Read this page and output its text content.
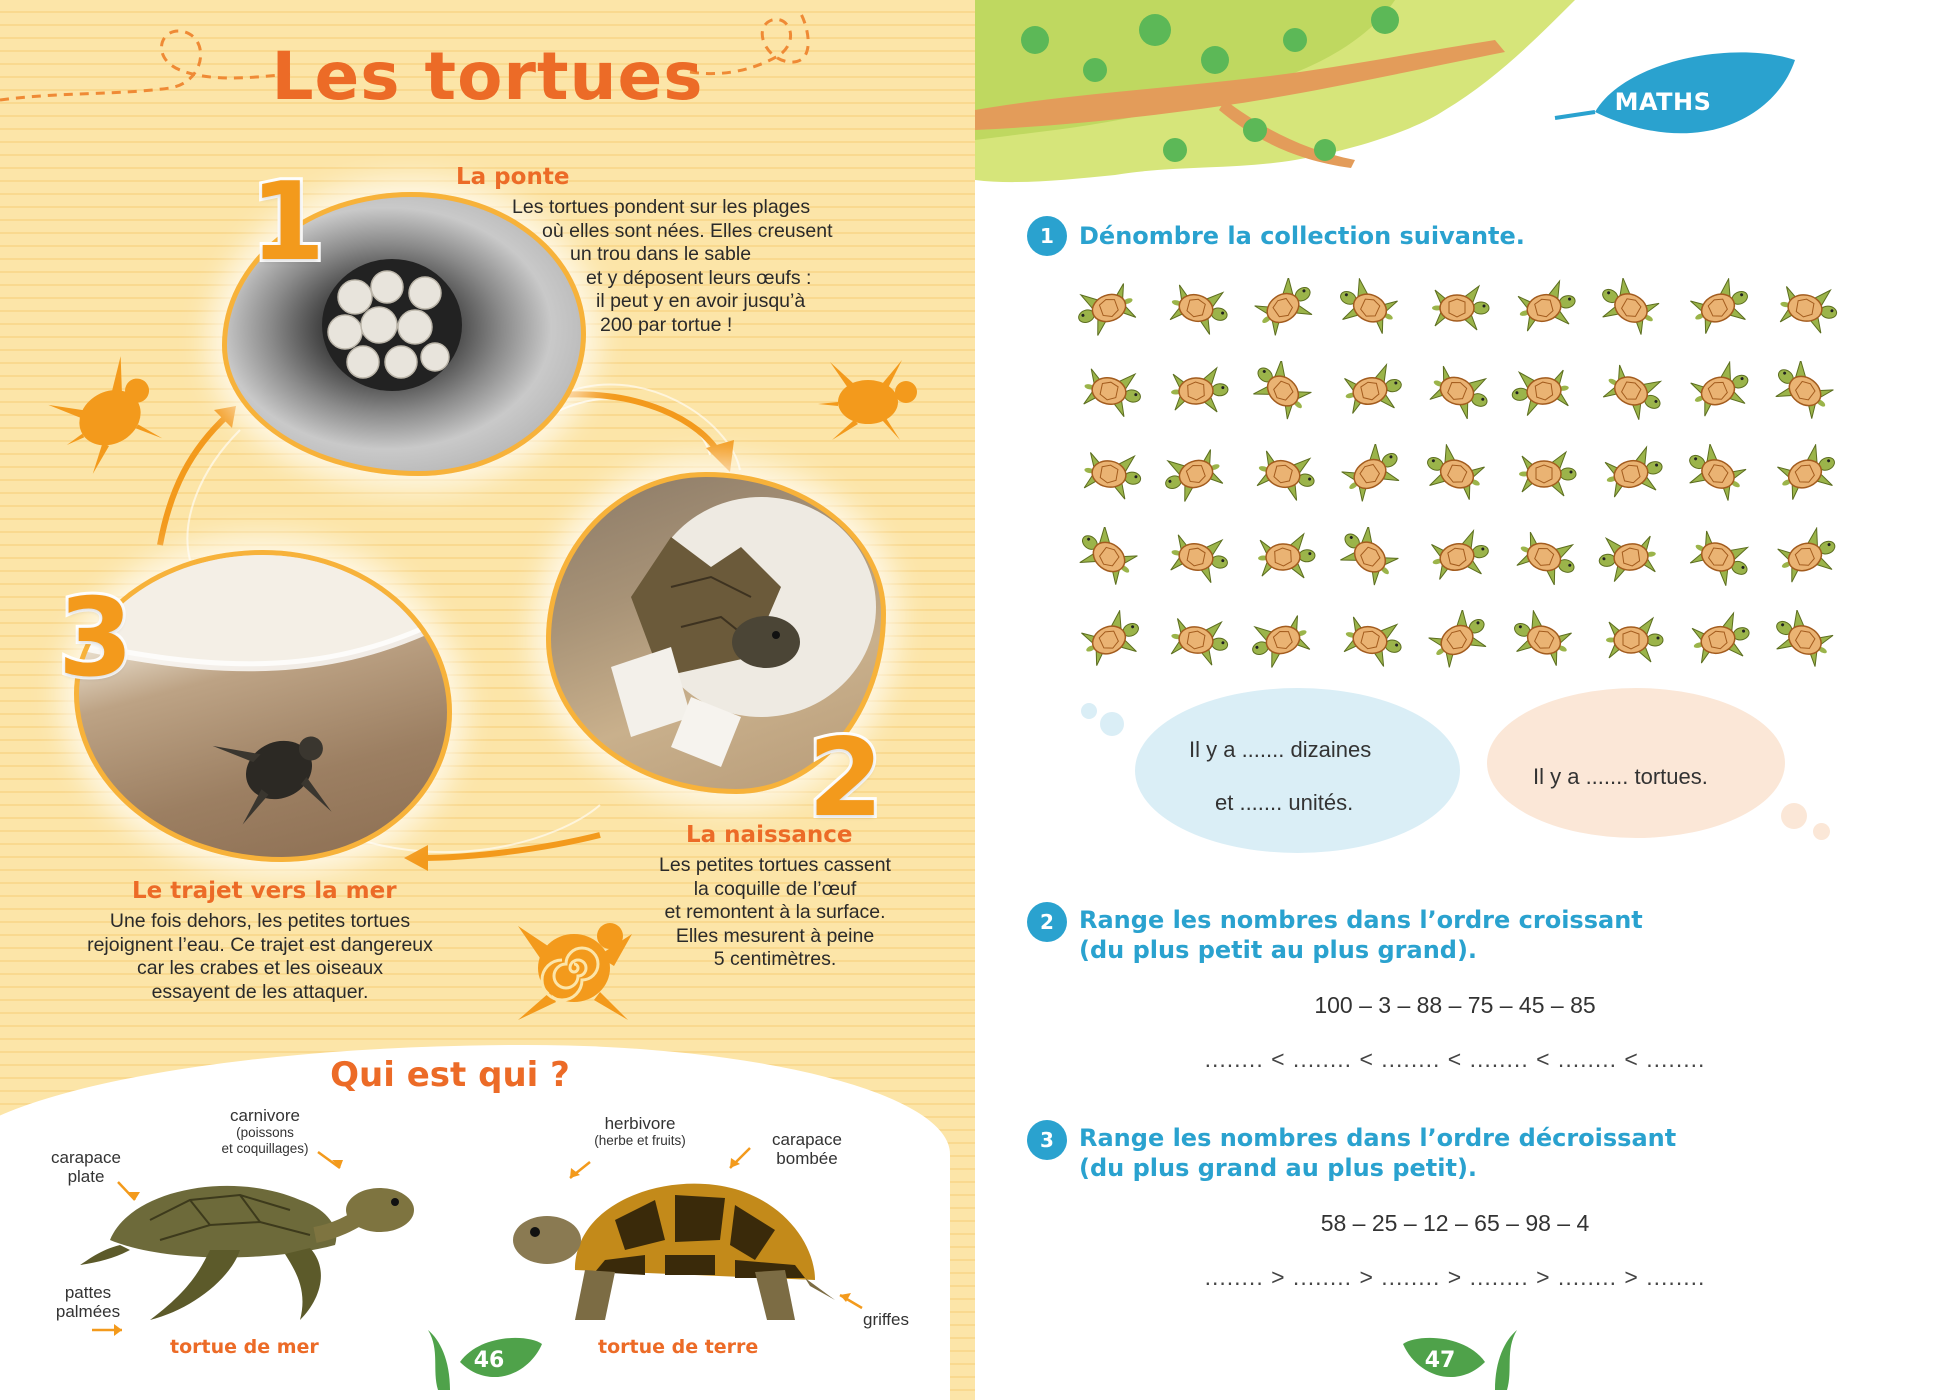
Les tortues
1
2
3
La ponte
Les tortues pondent sur les plages
où elles sont nées. Elles creusent
un trou dans le sable
et y déposent leurs œufs :
il peut y en avoir jusqu’à
200 par tortue !
La naissance
Les petites tortues cassent
la coquille de l’œuf
et remontent à la surface.
Elles mesurent à peine
5 centimètres.
Le trajet vers la mer
Une fois dehors, les petites tortues
rejoignent l’eau. Ce trajet est dangereux
car les crabes et les oiseaux
essayent de les attaquer.
Qui est qui ?
carapace
plate
carnivore
(poissons
et coquillages)
pattes
palmées
tortue de mer
herbivore
(herbe et fruits)	carapace
bombée
griffes
tortue de terre
46
MATHS
1	Dénombre la collection suivante.
Il y a ....... dizaines
et ....... unités.
Il y a ....... tortues.
2	Range les nombres dans l’ordre croissant
(du plus petit au plus grand).
100 – 3 – 88 – 75 – 45 – 85
........ < ........ < ........ < ........ < ........ < ........
3	Range les nombres dans l’ordre décroissant
(du plus grand au plus petit).
58 – 25 – 12 – 65 – 98 – 4
........ > ........ > ........ > ........ > ........ > ........
47
